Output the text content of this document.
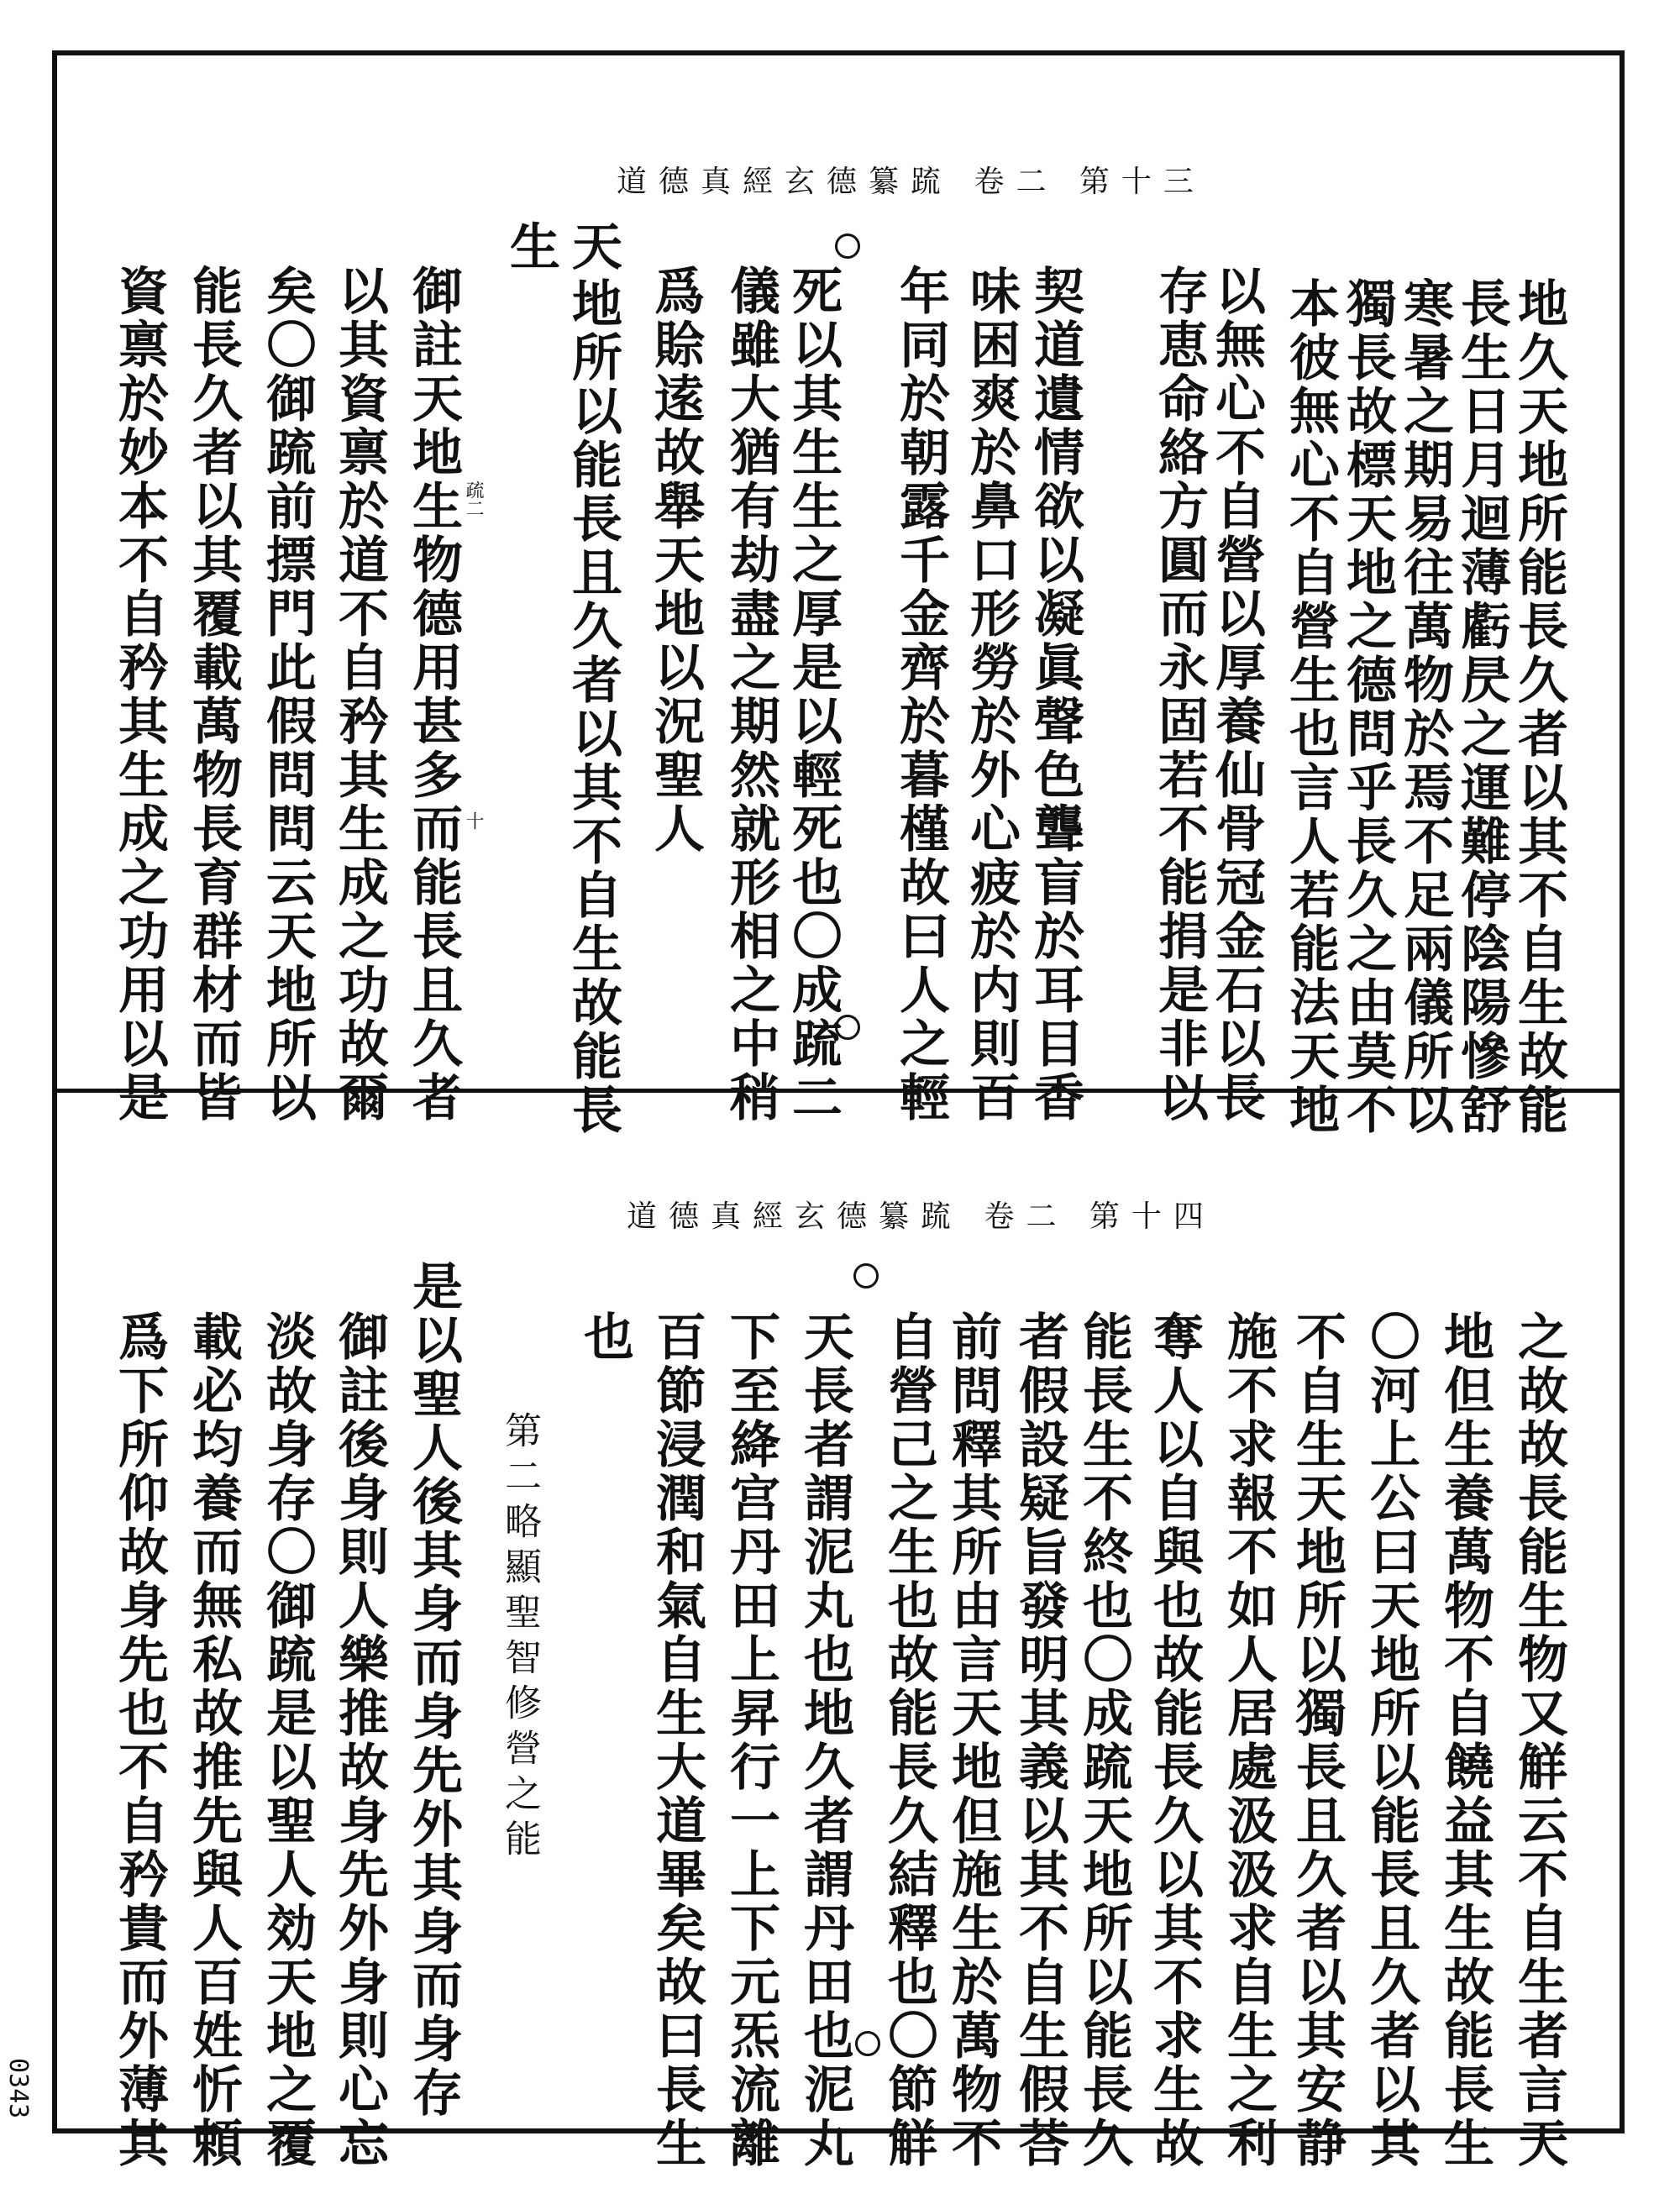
道德真經玄德纂䟽 卷二 第十三
地久天地所能長久者以其不自生故能
長生日月迴薄虧昃之運難停陰陽慘舒
寒暑之期易往萬物於焉不足兩儀所以
獨長故標天地之德問乎長久之由莫不
本彼無心不自營生也言人若能法天地
以無心不自營以厚養仙骨冠金石以長
存恵命絡方圓而永固若不能捐是非以
契道遺情欲以凝眞聲色聾盲於耳目香
味困爽於鼻口形勞於外心疲於内則百
年同於朝露千金齊於暮槿故曰人之輕
死以其生生之厚是以輕死也〇成䟽二
儀雖大猶有劫盡之期然就形相之中稍
爲賒逺故舉天地以況聖人
天
地所以能長且久者以其不自生故能長
生
御註天地生物德用甚多而能長且久者
以其資禀於道不自矜其生成之功故爾
矣〇御䟽前摽門此假問問云天地所以
能長久者以其覆載萬物長育群材而皆
資禀於妙本不自矜其生成之功用以是	疏二
十
道德真經玄德纂䟽 卷二 第十四
之故故長能生物又觧云不自生者言天
地但生養萬物不自饒益其生故能長生
〇河上公曰天地所以能長且久者以其
不自生天地所以獨長且久者以其安静
施不求報不如人居處汲汲求自生之利
奪人以自與也故能長久以其不求生故
能長生不終也〇成䟽天地所以能長久
者假設疑旨發明其義以其不自生假荅
前問釋其所由言天地但施生於萬物不
自營己之生也故能長久結釋也〇節觧
天長者謂泥丸也地久者謂丹田也泥丸
下至絳宫丹田上昇行一上下元炁流離
百節浸潤和氣自生大道畢矣故曰長生
也
第二略顯聖智修營之能
是以聖人後其身而身先外其身而身存
御註後身則人樂推故身先外身則心忘
淡故身存〇御䟽是以聖人効天地之覆
載必均養而無私故推先與人百姓忻頼
爲下所仰故身先也不自矜貴而外薄其
0343
